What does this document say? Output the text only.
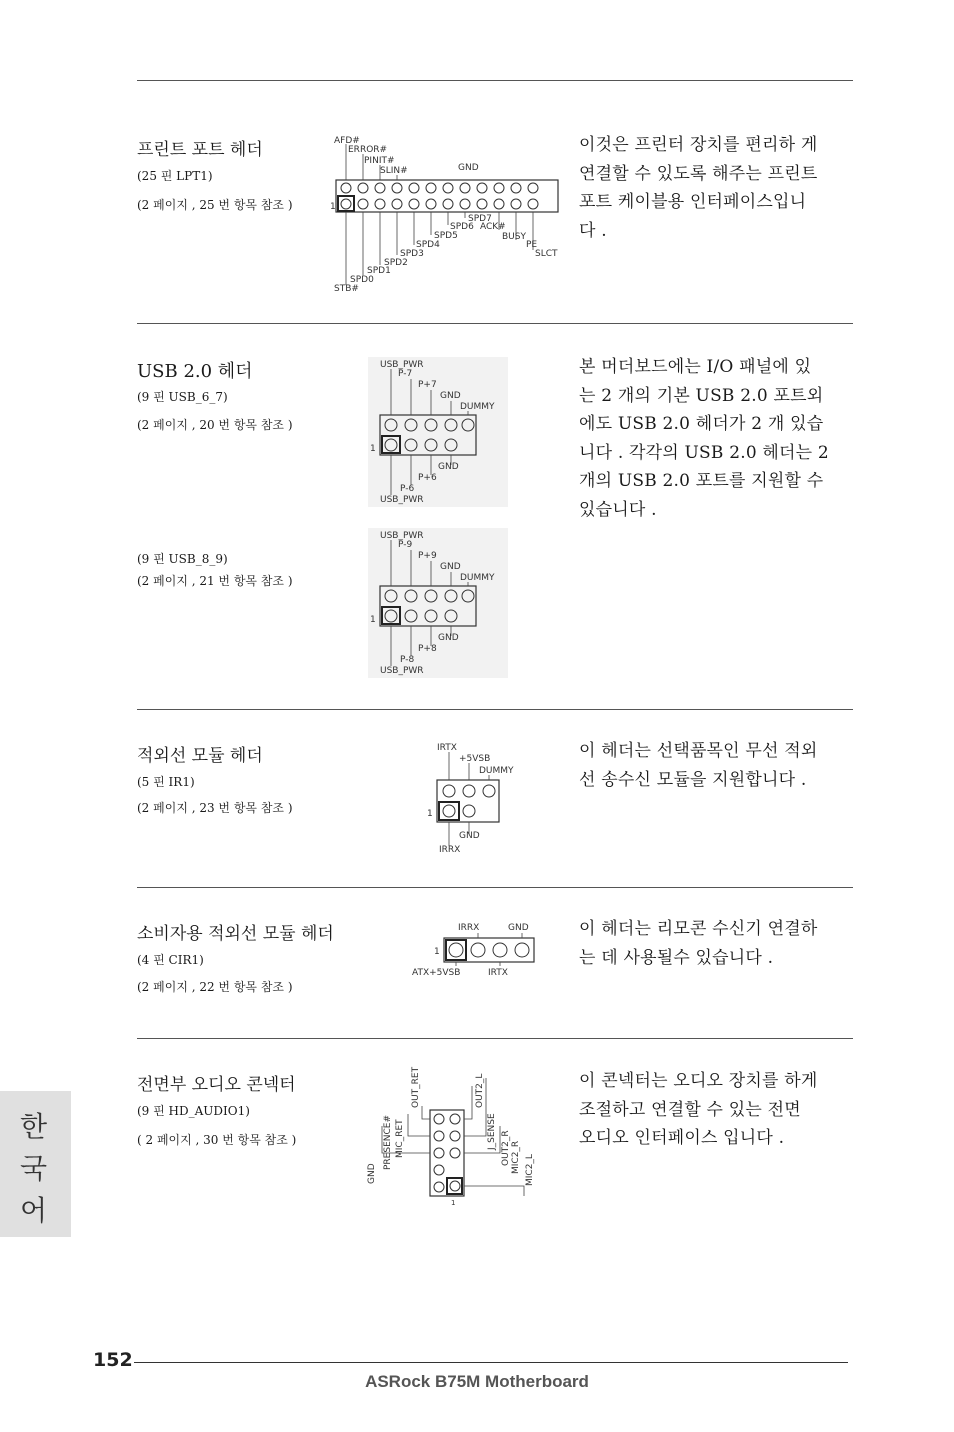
프린트 포트 헤더
(25 핀 LPT1)
(2 페이지 , 25 번 항목 참조 )
AFD#
ERROR#
PINIT#
SLIN#	GND
SPD7
SPD6 ACK#
BUSY
PE
SLCT
SPD5
SPD4
SPD3
SPD2
SPD1
SPD0
STB#
1
이것은 프린터 장치를 편리하 게
연결할 수 있도록 해주는 프린트
포트 케이블용 인터페이스입니
다 .
USB 2.0 헤더
(9 핀 USB_6_7)
(2 페이지 , 20 번 항목 참조 )
(9 핀 USB_8_9)
(2 페이지 , 21 번 항목 참조 )
USB_PWR
P-7
P+7
GND
DUMMY
GND
P+6
P-6
USB_PWR
1
USB_PWR
P-9
P+9
GND
DUMMY
GND
P+8
P-8
USB_PWR
1
본 머더보드에는 I/O 패널에 있
는 2 개의 기본 USB 2.0 포트외
에도 USB 2.0 헤더가 2 개 있습
니다 . 각각의 USB 2.0 헤더는 2
개의 USB 2.0 포트를 지원할 수
있습니다 .
적외선 모듈 헤더
(5 핀 IR1)
(2 페이지 , 23 번 항목 참조 )
IRTX
+5VSB
DUMMY
GND
IRRX
1
이 헤더는 선택품목인 무선 적외
선 송수신 모듈을 지원합니다 .
소비자용 적외선 모듈 헤더
(4 핀 CIR1)
(2 페이지 , 22 번 항목 참조 )
IRRX	GND
ATX+5VSB	IRTX
1
이 헤더는 리모콘 수신기 연결하
는 데 사용될수 있습니다 .
전면부 오디오 콘넥터
(9 핀 HD_AUDIO1)
( 2 페이지 , 30 번 항목 참조 )
OUT_RET	OUT2_L
J_SENSE OUT2_R MIC2_R MIC2_L
PRESENCE# MIC_RET
GND
1
이 콘넥터는 오디오 장치를 하게
조절하고 연결할 수 있는 전면
오디오 인터페이스 입니다 .
한
국
어
152
ASRock B75M Motherboard
